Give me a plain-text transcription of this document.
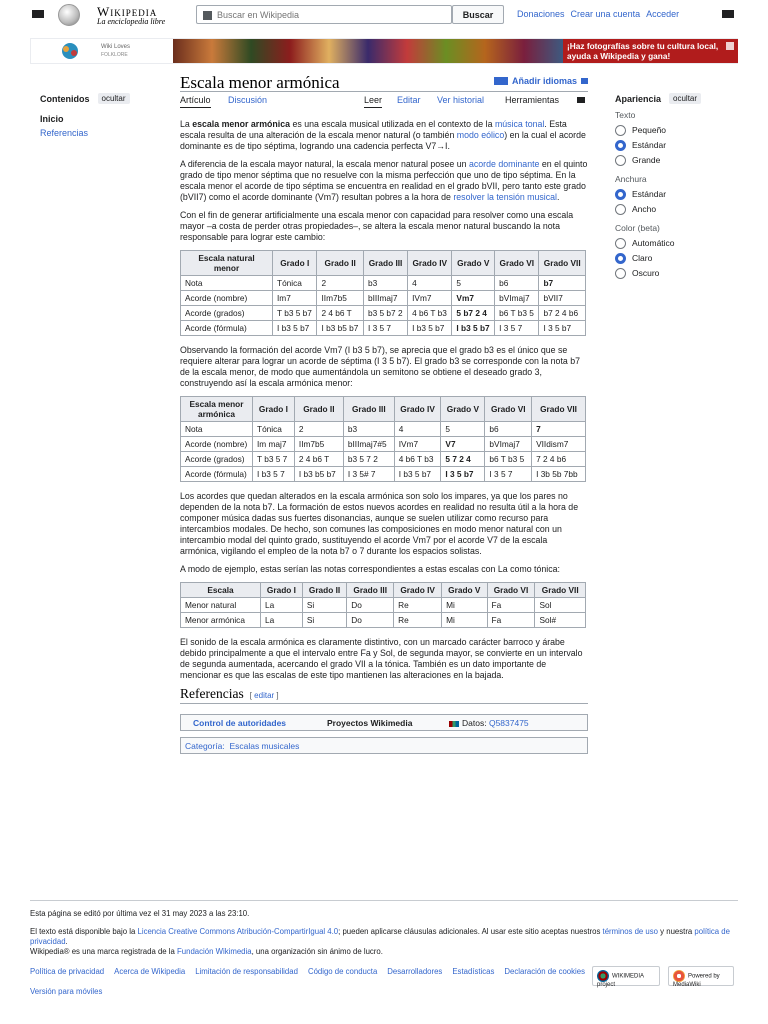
Wikipedia
La enciclopedia libre
Buscar en Wikipedia
Buscar	Donaciones Crear una cuenta Acceder
Wiki Loves
FOLKLORE
¡Haz fotografías sobre tu cultura local, ayuda a Wikipedia y gana!
Contenidos	ocultar
Inicio
Referencias
Escala menor armónica	Añadir idiomas
Artículo Discusión	Leer Editar Ver historial Herramientas

La escala menor armónica es una escala musical utilizada en el contexto de la música tonal. Esta escala resulta de una alteración de la escala menor natural (o también modo eólico) en la cual el acorde dominante es de tipo séptima, logrando una cadencia perfecta V7→I.

A diferencia de la escala mayor natural, la escala menor natural posee un acorde dominante en el quinto grado de tipo menor séptima que no resuelve con la misma perfección que uno de tipo séptima. En la escala menor el acorde de tipo séptima se encuentra en realidad en el grado bVII, pero tanto este grado (bVII7) como el acorde dominante (Vm7) resultan pobres a la hora de resolver la tensión musical.

Con el fin de generar artificialmente una escala menor con capacidad para resolver como una escala mayor –a costa de perder otras propiedades–, se altera la escala menor natural buscando la nota responsable para lograr este cambio:

Escala natural menor	Grado I	Grado II	Grado III	Grado IV	Grado V	Grado VI	Grado VII
Nota	Tónica	2	b3	4	5	b6	b7
Acorde (nombre)	Im7	IIm7b5	bIIImaj7	IVm7	Vm7	bVImaj7	bVII7
Acorde (grados)	T b3 5 b7	2 4 b6 T	b3 5 b7 2	4 b6 T b3	5 b7 2 4	b6 T b3 5	b7 2 4 b6
Acorde (fórmula)	I b3 5 b7	I b3 b5 b7	I 3 5 7	I b3 5 b7	I b3 5 b7	I 3 5 7	I 3 5 b7

Observando la formación del acorde Vm7 (I b3 5 b7), se aprecia que el grado b3 es el único que se requiere alterar para lograr un acorde de séptima (I 3 5 b7). El grado b3 se corresponde con la nota b7 de la escala menor, de modo que aumentándola un semitono se obtiene el deseado grado 3, construyendo así la escala armónica menor:

Escala menor armónica	Grado I	Grado II	Grado III	Grado IV	Grado V	Grado VI	Grado VII
Nota	Tónica	2	b3	4	5	b6	7
Acorde (nombre)	Im maj7	IIm7b5	bIIImaj7#5	IVm7	V7	bVImaj7	VIIdism7
Acorde (grados)	T b3 5 7	2 4 b6 T	b3 5 7 2	4 b6 T b3	5 7 2 4	b6 T b3 5	7 2 4 b6
Acorde (fórmula)	I b3 5 7	I b3 b5 b7	I 3 5# 7	I b3 5 b7	I 3 5 b7	I 3 5 7	I 3b 5b 7bb

Los acordes que quedan alterados en la escala armónica son solo los impares, ya que los pares no dependen de la nota b7. La formación de estos nuevos acordes en realidad no resulta útil a la hora de componer música dadas sus fuertes disonancias, aunque se suelen utilizar como recurso para intercambios modales. De hecho, son comunes las composiciones en modo menor natural con un intercambio modal del quinto grado, sustituyendo el acorde Vm7 por el acorde V7 de la escala armónica, vigilando el empleo de la nota b7 o 7 durante los espacios solistas.

A modo de ejemplo, estas serían las notas correspondientes a estas escalas con La como tónica:

Escala	Grado I	Grado II	Grado III	Grado IV	Grado V	Grado VI	Grado VII
Menor natural	La	Si	Do	Re	Mi	Fa	Sol
Menor armónica	La	Si	Do	Re	Mi	Fa	Sol#

El sonido de la escala armónica es claramente distintivo, con un marcado carácter barroco y árabe debido principalmente a que el intervalo entre Fa y Sol, de segunda mayor, se convierte en un intervalo de segunda aumentada, acercando el grado VII a la tónica. También es un dato importante de mencionar es que las escalas de este tipo mantienen las alteraciones en la bajada.

Referencias [ editar ]
Control de autoridades	Proyectos Wikimedia	Datos: Q5837475
Categoría: Escalas musicales
Apariencia	ocultar
Texto
Pequeño
Estándar
Grande
Anchura
Estándar
Ancho
Color (beta)
Automático
Claro
Oscuro

Esta página se editó por última vez el 31 may 2023 a las 23:10.

El texto está disponible bajo la Licencia Creative Commons Atribución-CompartirIgual 4.0; pueden aplicarse cláusulas adicionales. Al usar este sitio aceptas nuestros términos de uso y nuestra política de privacidad.
Wikipedia® es una marca registrada de la Fundación Wikimedia, una organización sin ánimo de lucro.

Política de privacidad Acerca de Wikipedia Limitación de responsabilidad Código de conducta Desarrolladores Estadísticas Declaración de cookies
Versión para móviles
WIKIMEDIA project
Powered by MediaWiki
